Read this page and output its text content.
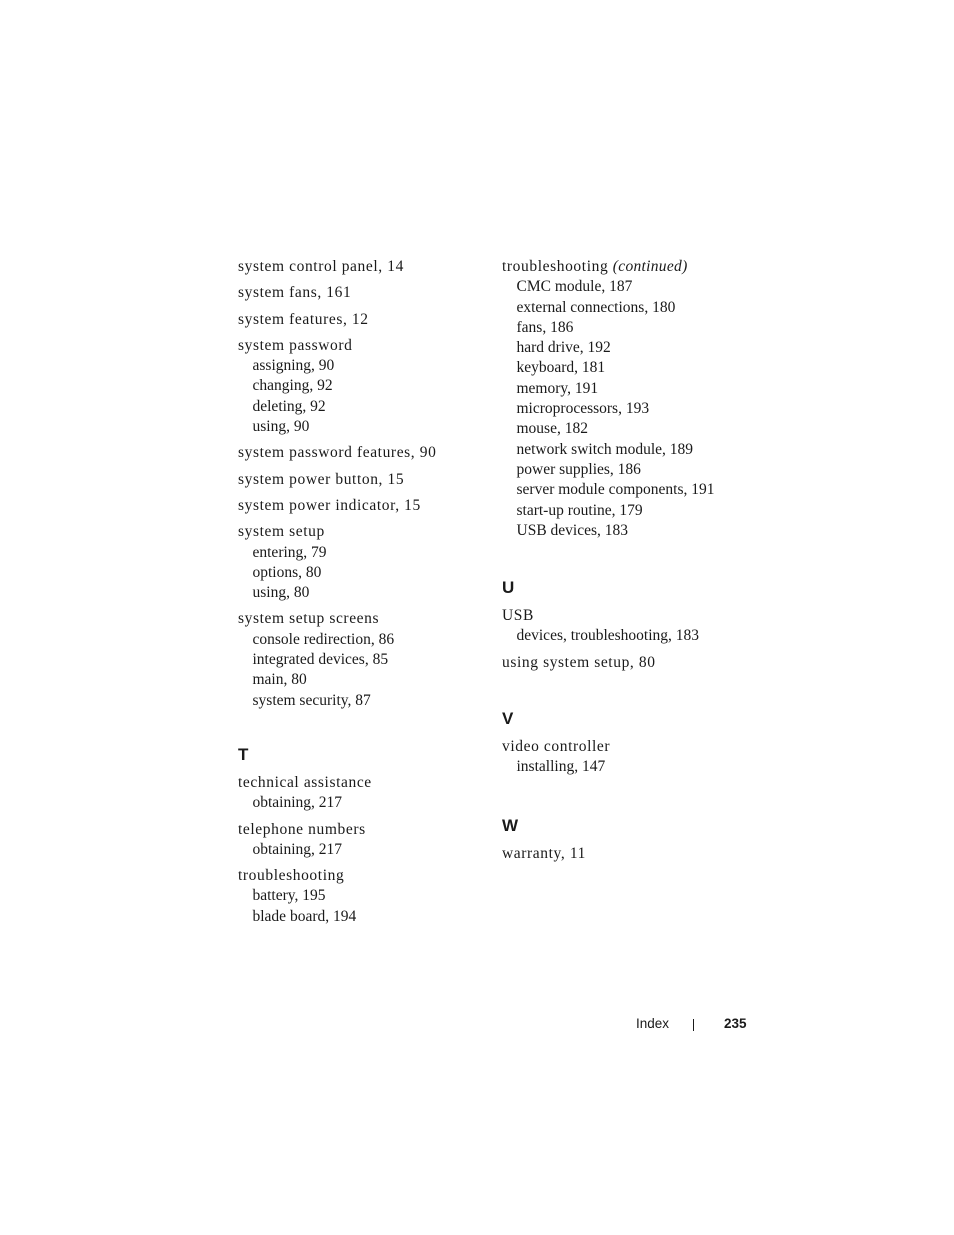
system control panel, 14
system fans, 161
system features, 12
system password
assigning, 90
changing, 92
deleting, 92
using, 90
system password features, 90
system power button, 15
system power indicator, 15
system setup
entering, 79
options, 80
using, 80
system setup screens
console redirection, 86
integrated devices, 85
main, 80
system security, 87
T
technical assistance
obtaining, 217
telephone numbers
obtaining, 217
troubleshooting
battery, 195
blade board, 194
troubleshooting (continued)
CMC module, 187
external connections, 180
fans, 186
hard drive, 192
keyboard, 181
memory, 191
microprocessors, 193
mouse, 182
network switch module, 189
power supplies, 186
server module components, 191
start-up routine, 179
USB devices, 183
U
USB
devices, troubleshooting, 183
using system setup, 80
V
video controller
installing, 147
W
warranty, 11
Index	235
